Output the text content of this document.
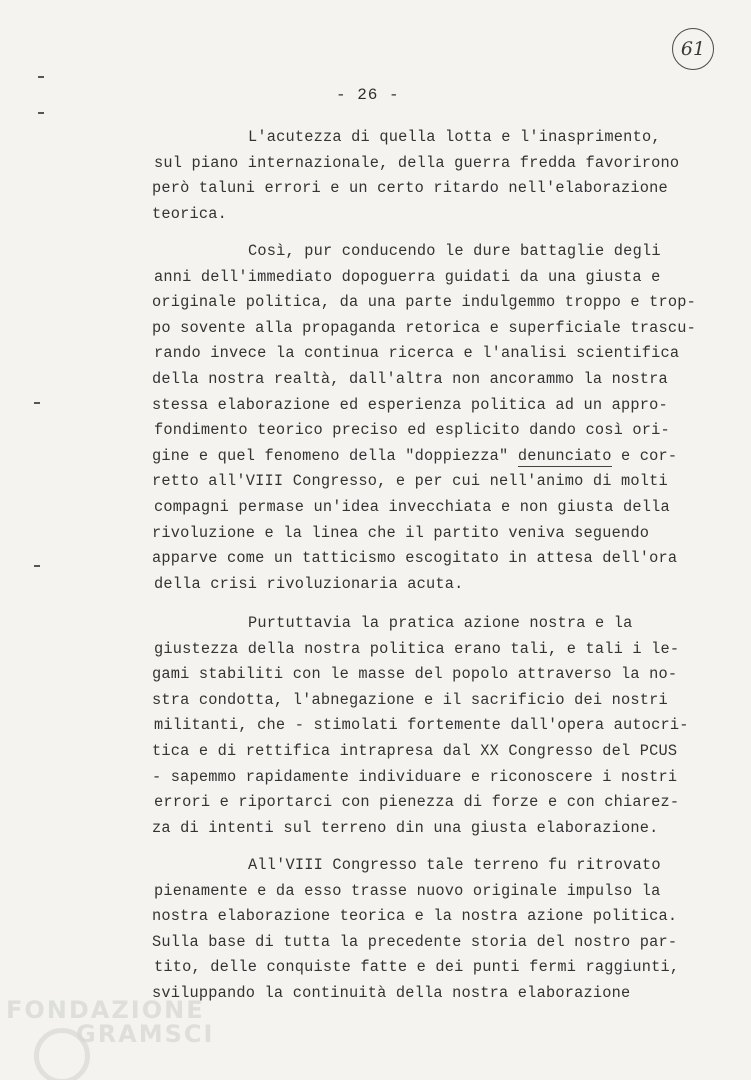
61
- 26 -
L'acutezza di quella lotta e l'inasprimento,
sul piano internazionale, della guerra fredda favorirono
però taluni errori e un certo ritardo nell'elaborazione
teorica.
Così, pur conducendo le dure battaglie degli
anni dell'immediato dopoguerra guidati da una giusta e
originale politica, da una parte indulgemmo troppo e trop-
po sovente alla propaganda retorica e superficiale trascu-
rando invece la continua ricerca e l'analisi scientifica
della nostra realtà, dall'altra non ancorammo la nostra
stessa elaborazione ed esperienza politica ad un appro-
fondimento teorico preciso ed esplicito dando così ori-
gine e quel fenomeno della "doppiezza" denunciato e cor-
retto all'VIII Congresso, e per cui nell'animo di molti
compagni permase un'idea invecchiata e non giusta della
rivoluzione e la linea che il partito veniva seguendo
apparve come un tatticismo escogitato in attesa dell'ora
della crisi rivoluzionaria acuta.
Purtuttavia la pratica azione nostra e la
giustezza della nostra politica erano tali, e tali i le-
gami stabiliti con le masse del popolo attraverso la no-
stra condotta, l'abnegazione e il sacrificio dei nostri
militanti, che - stimolati fortemente dall'opera autocri-
tica e di rettifica intrapresa dal XX Congresso del PCUS
- sapemmo rapidamente individuare e riconoscere i nostri
errori e riportarci con pienezza di forze e con chiarez-
za di intenti sul terreno din una giusta elaborazione.
All'VIII Congresso tale terreno fu ritrovato
pienamente e da esso trasse nuovo originale impulso la
nostra elaborazione teorica e la nostra azione politica.
Sulla base di tutta la precedente storia del nostro par-
tito, delle conquiste fatte e dei punti fermi raggiunti,
sviluppando la continuità della nostra elaborazione
FONDAZIONE
GRAMSCI
